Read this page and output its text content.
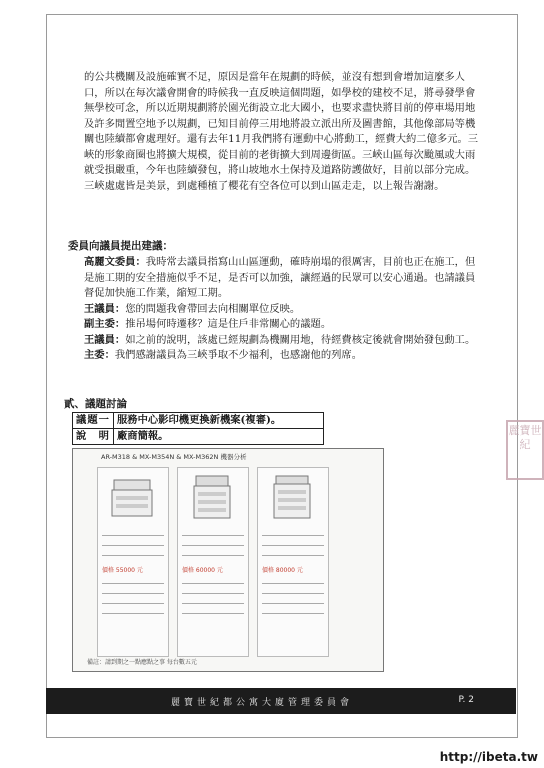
的公共機關及設施確實不足，原因是當年在規劃的時候，並沒有想到會增加這麼多人口，所以在每次議會開會的時候我一直反映這個問題，如學校的建校不足，將尋發學會無學校可念，所以近期規劃將於園光街設立北大國小，也要求盡快將目前的停車場用地及許多閒置空地予以規劃，已知目前停三用地將設立派出所及圖書館，其他像部局等機關也陸續都會處理好。還有去年11月我們將有運動中心將動工，經費大約二億多元。三峽的形象商圈也將擴大規模，從目前的老街擴大到周邊街區。三峽山區每次颱風或大雨就受損嚴重，今年也陸續發包，將山坡地水土保持及道路防護做好，目前以部分完成。三峽處處皆是美景，到處種植了櫻花有空各位可以到山區走走，以上報告謝謝。

委員向議員提出建議：

高麗文委員：我時常去議員指寫山山區運動，確時崩塌的很厲害，目前也正在施工，但是施工期的安全措施似乎不足，是否可以加強，讓經過的民眾可以安心通過。也請議員督促加快施工作業，縮短工期。

王議員：您的問題我會帶回去向相關單位反映。

副主委：推吊場何時遷移？這是住戶非常關心的議題。

王議員：如之前的說明，該處已經規劃為機關用地，待經費核定後就會開始發包動工。

主委：我們感謝議員為三峽爭取不少福利，也感謝他的列席。

貳、議題討論
議題一	服務中心影印機更換新機案(複審)。
說　明	廠商簡報。
AR-M318 & MX-M354N & MX-M362N 機器分析
價格 55000 元	價格 60000 元	價格 80000 元
備註：請到期之一點應點之事 每台數五元
麗寶世紀
麗寶世紀都公寓大廈管理委員會	P. 2
http://ibeta.tw
